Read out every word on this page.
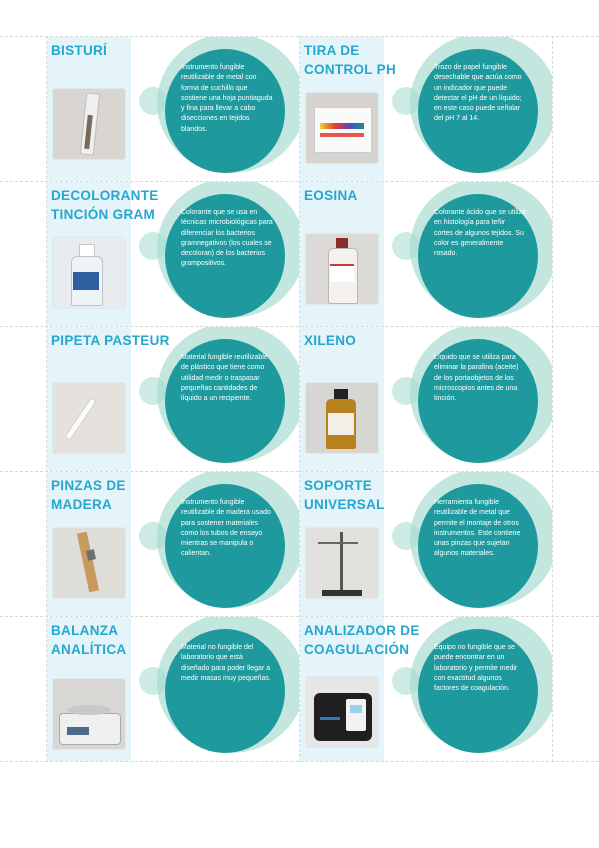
BISTURÍ
Instrumento fungible reutilizable de metal con forma de cuchillo que sostiene una hoja puntiaguda y fina para llevar a cabo disecciones en tejidos blandos.
TIRA DE CONTROL PH	Trozo de papel fungible desechable que actúa como un indicador que puede detectar el pH de un líquido; en este caso puede señalar del pH 7 al 14.
DECOLORANTE TINCIÓN GRAM	Colorante que se usa en técnicas microbiológicas para diferenciar los bacterios gramnegativos (los cuales se decoloran) de los bacterios grampositivos.
EOSINA
Colorante ácido que se utiliza en histología para teñir cortes de algunos tejidos. Su color es generalmente rosado.
PIPETA PASTEUR
Material fungible reutilizable de plástico que tiene como utilidad medir o traspasar pequeñas cantidades de líquido a un recipiente.
XILENO
Líquido que se utiliza para eliminar la parafina (aceite) de los portaobjetos de los microscopios antes de una tinción.
PINZAS DE MADERA	Instrumento fungible reutilizable de madera usado para sostener materiales como los tubos de ensayo mientras se manipula o calientan.
SOPORTE UNIVERSAL	Herramienta fungible reutilizable de metal que permite el montaje de otros instrumentos. Este contiene unas pinzas que sujetan algunos materiales.
BALANZA ANALÍTICA	Material no fungible del laboratorio que está diseñado para poder llegar a medir masas muy pequeñas.
ANALIZADOR DE COAGULACIÓN	Equipo no fungible que se puede encontrar en un laboratorio y permite medir con exactitud algunos factores de coagulación.
